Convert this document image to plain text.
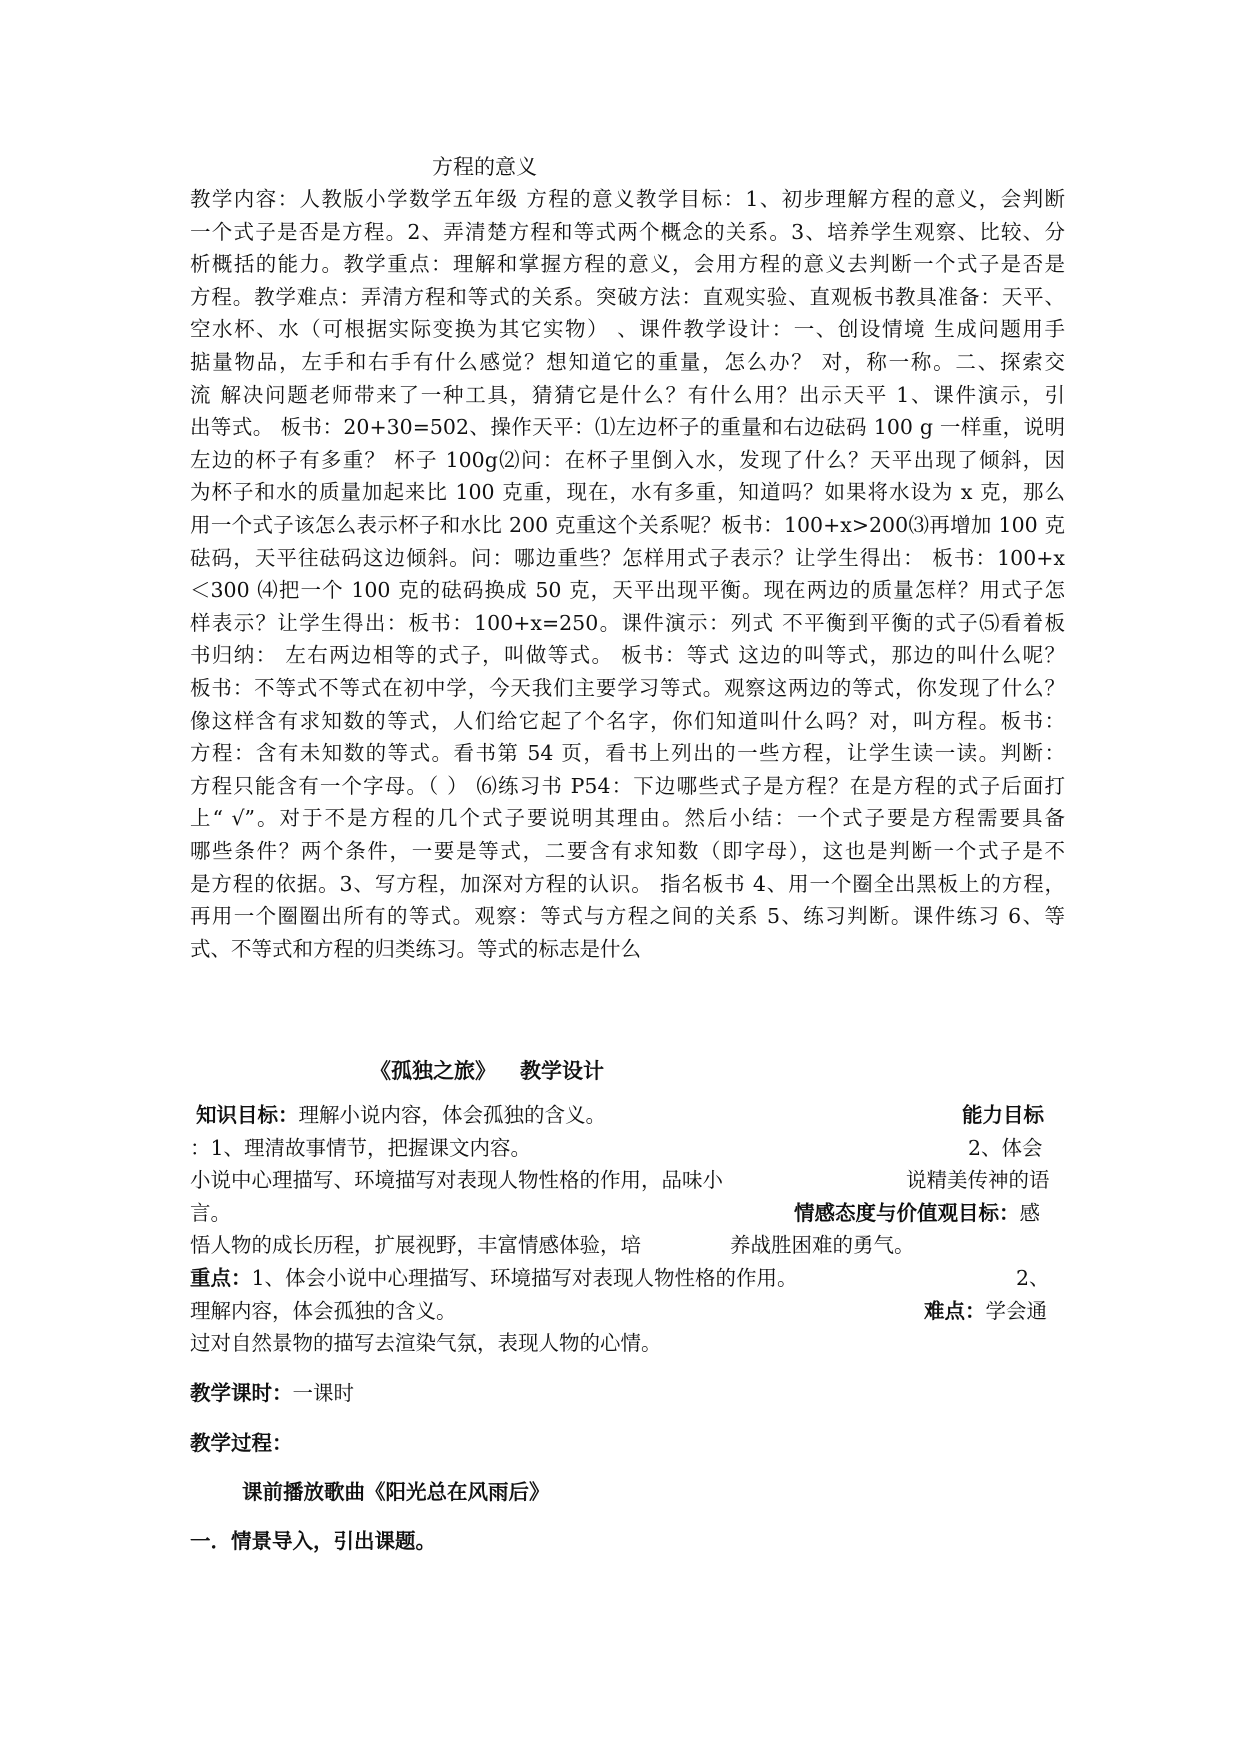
方程的意义
教学内容：人教版小学数学五年级 方程的意义教学目标：1、初步理解方程的意义，会判断
一个式子是否是方程。2、弄清楚方程和等式两个概念的关系。3、培养学生观察、比较、分
析概括的能力。教学重点：理解和掌握方程的意义，会用方程的意义去判断一个式子是否是
方程。教学难点：弄清方程和等式的关系。突破方法：直观实验、直观板书教具准备：天平、
空水杯、水（可根据实际变换为其它实物） 、课件教学设计：一、创设情境 生成问题用手
掂量物品，左手和右手有什么感觉？想知道它的重量，怎么办？ 对，称一称。二、探索交
流 解决问题老师带来了一种工具，猜猜它是什么？有什么用？出示天平 1、课件演示，引
出等式。 板书：20+30=502、操作天平：⑴左边杯子的重量和右边砝码 100 g 一样重，说明
左边的杯子有多重？ 杯子 100g⑵问：在杯子里倒入水，发现了什么？天平出现了倾斜，因
为杯子和水的质量加起来比 100 克重，现在，水有多重，知道吗？如果将水设为 x 克，那么
用一个式子该怎么表示杯子和水比 200 克重这个关系呢？板书：100+x>200⑶再增加 100 克
砝码，天平往砝码这边倾斜。问：哪边重些？怎样用式子表示？让学生得出： 板书：100+x
＜300 ⑷把一个 100 克的砝码换成 50 克，天平出现平衡。现在两边的质量怎样？用式子怎
样表示？让学生得出：板书：100+x=250。课件演示：列式 不平衡到平衡的式子⑸看着板
书归纳： 左右两边相等的式子，叫做等式。 板书：等式 这边的叫等式，那边的叫什么呢？
板书：不等式不等式在初中学，今天我们主要学习等式。观察这两边的等式，你发现了什么？
像这样含有求知数的等式，人们给它起了个名字，你们知道叫什么吗？对，叫方程。板书：
方程：含有未知数的等式。看书第 54 页，看书上列出的一些方程，让学生读一读。判断：
方程只能含有一个字母。（ ） ⑹练习书 P54：下边哪些式子是方程？在是方程的式子后面打
上“ √”。对于不是方程的几个式子要说明其理由。然后小结：一个式子要是方程需要具备
哪些条件？两个条件，一要是等式，二要含有求知数（即字母），这也是判断一个式子是不
是方程的依据。3、写方程，加深对方程的认识。 指名板书 4、用一个圈全出黑板上的方程，
再用一个圈圈出所有的等式。观察：等式与方程之间的关系 5、练习判断。课件练习 6、等
式、不等式和方程的归类练习。等式的标志是什么
《孤独之旅》 教学设计
知识目标：理解小说内容，体会孤独的含义。	能力目标
：1、理清故事情节，把握课文内容。	2、体会
小说中心理描写、环境描写对表现人物性格的作用，品味小	说精美传神的语
言。	情感态度与价值观目标：感
悟人物的成长历程，扩展视野，丰富情感体验，培	养战胜困难的勇气。
重点：1、体会小说中心理描写、环境描写对表现人物性格的作用。	2、
理解内容，体会孤独的含义。	难点：学会通
过对自然景物的描写去渲染气氛，表现人物的心情。
教学课时：一课时
教学过程：
课前播放歌曲《阳光总在风雨后》
一．情景导入，引出课题。
